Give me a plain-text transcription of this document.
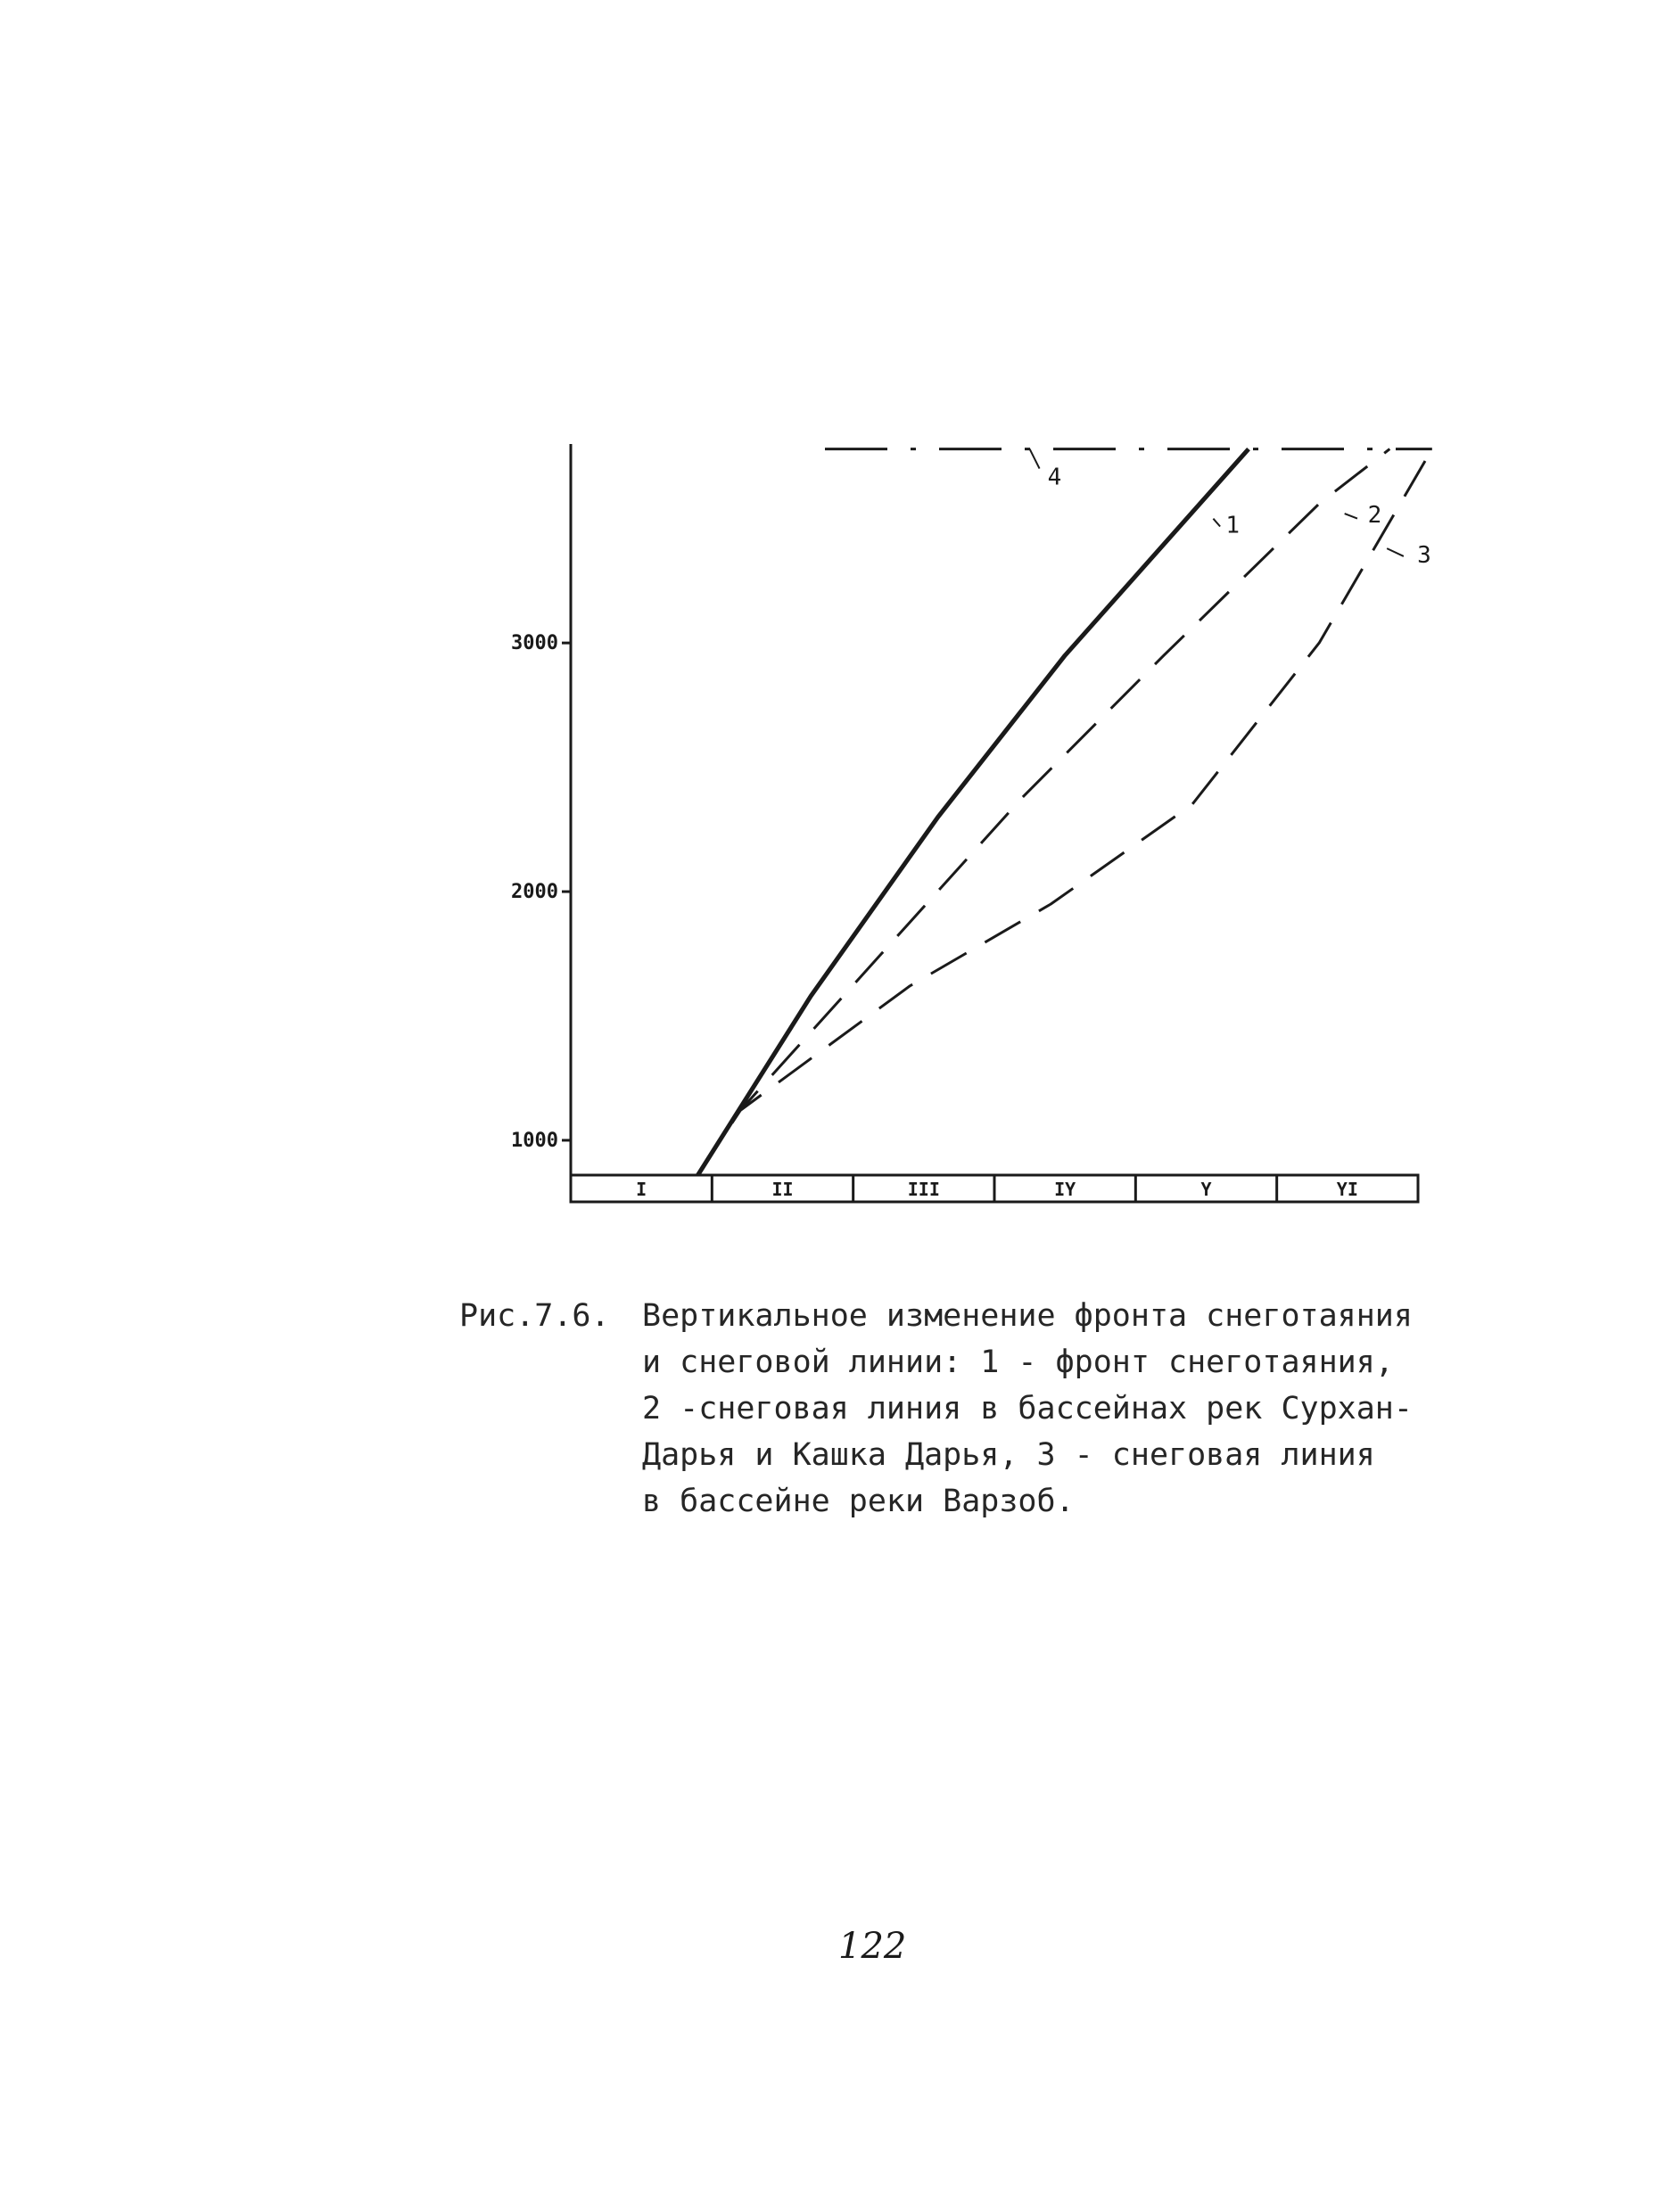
1000
2000
3000
I	II	III	IY	Y	YI
1	2
3
4
Рис.7.6. Вертикальное изменение фронта снеготаяния
и снеговой линии: 1 - фронт снеготаяния,
2 -снеговая линия в бассейнах рек Сурхан-
Дарья и Кашка Дарья, 3 - снеговая линия
в бассейне реки Варзоб.
122
